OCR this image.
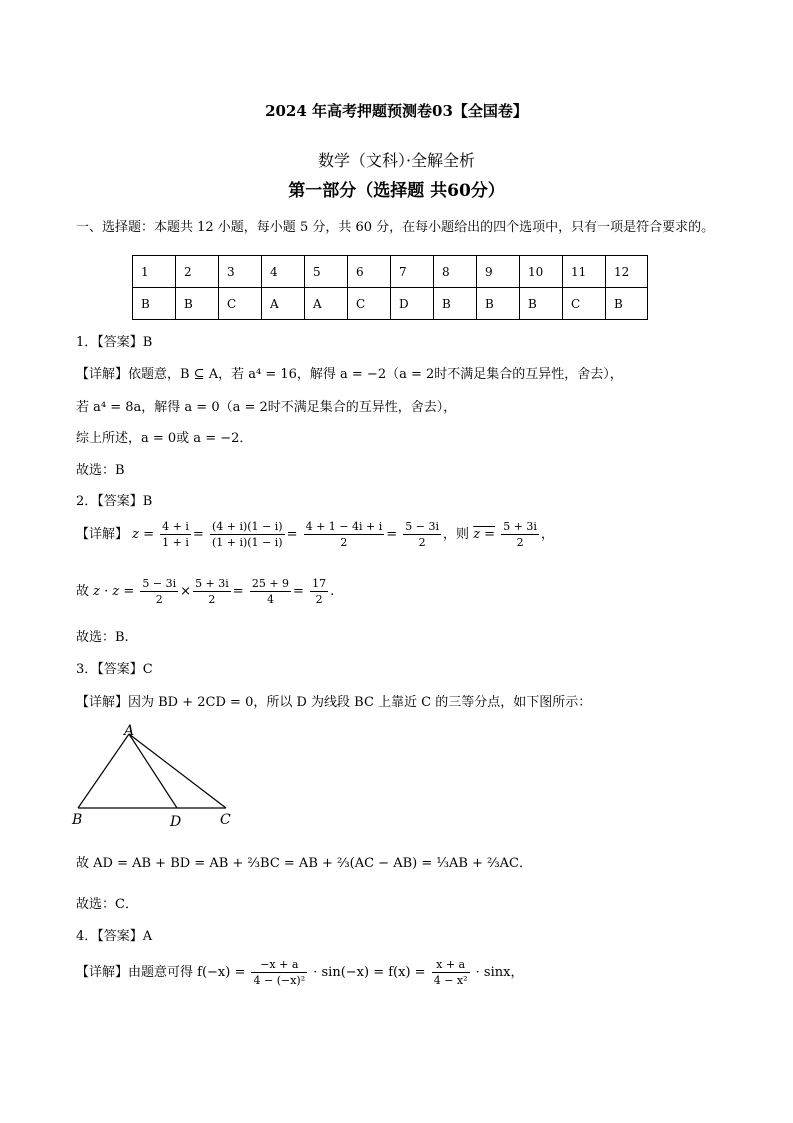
2024 年高考押题预测卷03【全国卷】
数学（文科）·全解全析
第一部分（选择题 共60分）
一、选择题：本题共 12 小题，每小题 5 分，共 60 分，在每小题给出的四个选项中，只有一项是符合要求的。
1	2	3	4	5	6	7	8	9	10	11	12
B	B	C	A	A	C	D	B	B	B	C	B
1．【答案】B
【详解】依题意，B ⊆ A，若 a⁴ = 16，解得 a = −2（a = 2时不满足集合的互异性，舍去），
若 a⁴ = 8a，解得 a = 0（a = 2时不满足集合的互异性，舍去），
综上所述，a = 0或 a = −2．
故选：B
2．【答案】B
【详解】 $z = \frac{4 + i}{1 + i} = \frac{(4 + i)(1 - i)}{(1 + i)(1 - i)} = \frac{4 + 1 - 4i + i}{2} = \frac{5 - 3i}{2}$ ，则 $z = \frac{5 + 3i}{2}$ ，
故 $z \cdot z = \frac{5 - 3i}{2} \times \frac{5 + 3i}{2} = \frac{25 + 9}{4} = \frac{17}{2}$ .
故选：B.
3．【答案】C
【详解】因为 BD + 2CD = 0，所以 D 为线段 BC 上靠近 C 的三等分点，如下图所示：
A
B	D	C
故 AD = AB + BD = AB + ⅔BC = AB + ⅔(AC − AB) = ⅓AB + ⅔AC．
故选：C．
4．【答案】A
【详解】由题意可得 $f(-x) = \frac{-x + a}{\text{4 − (−x)²}} \cdot \sin(-x) = f(x) = \frac{x + a}{\text{4 − x²}} \cdot \sin x$，
